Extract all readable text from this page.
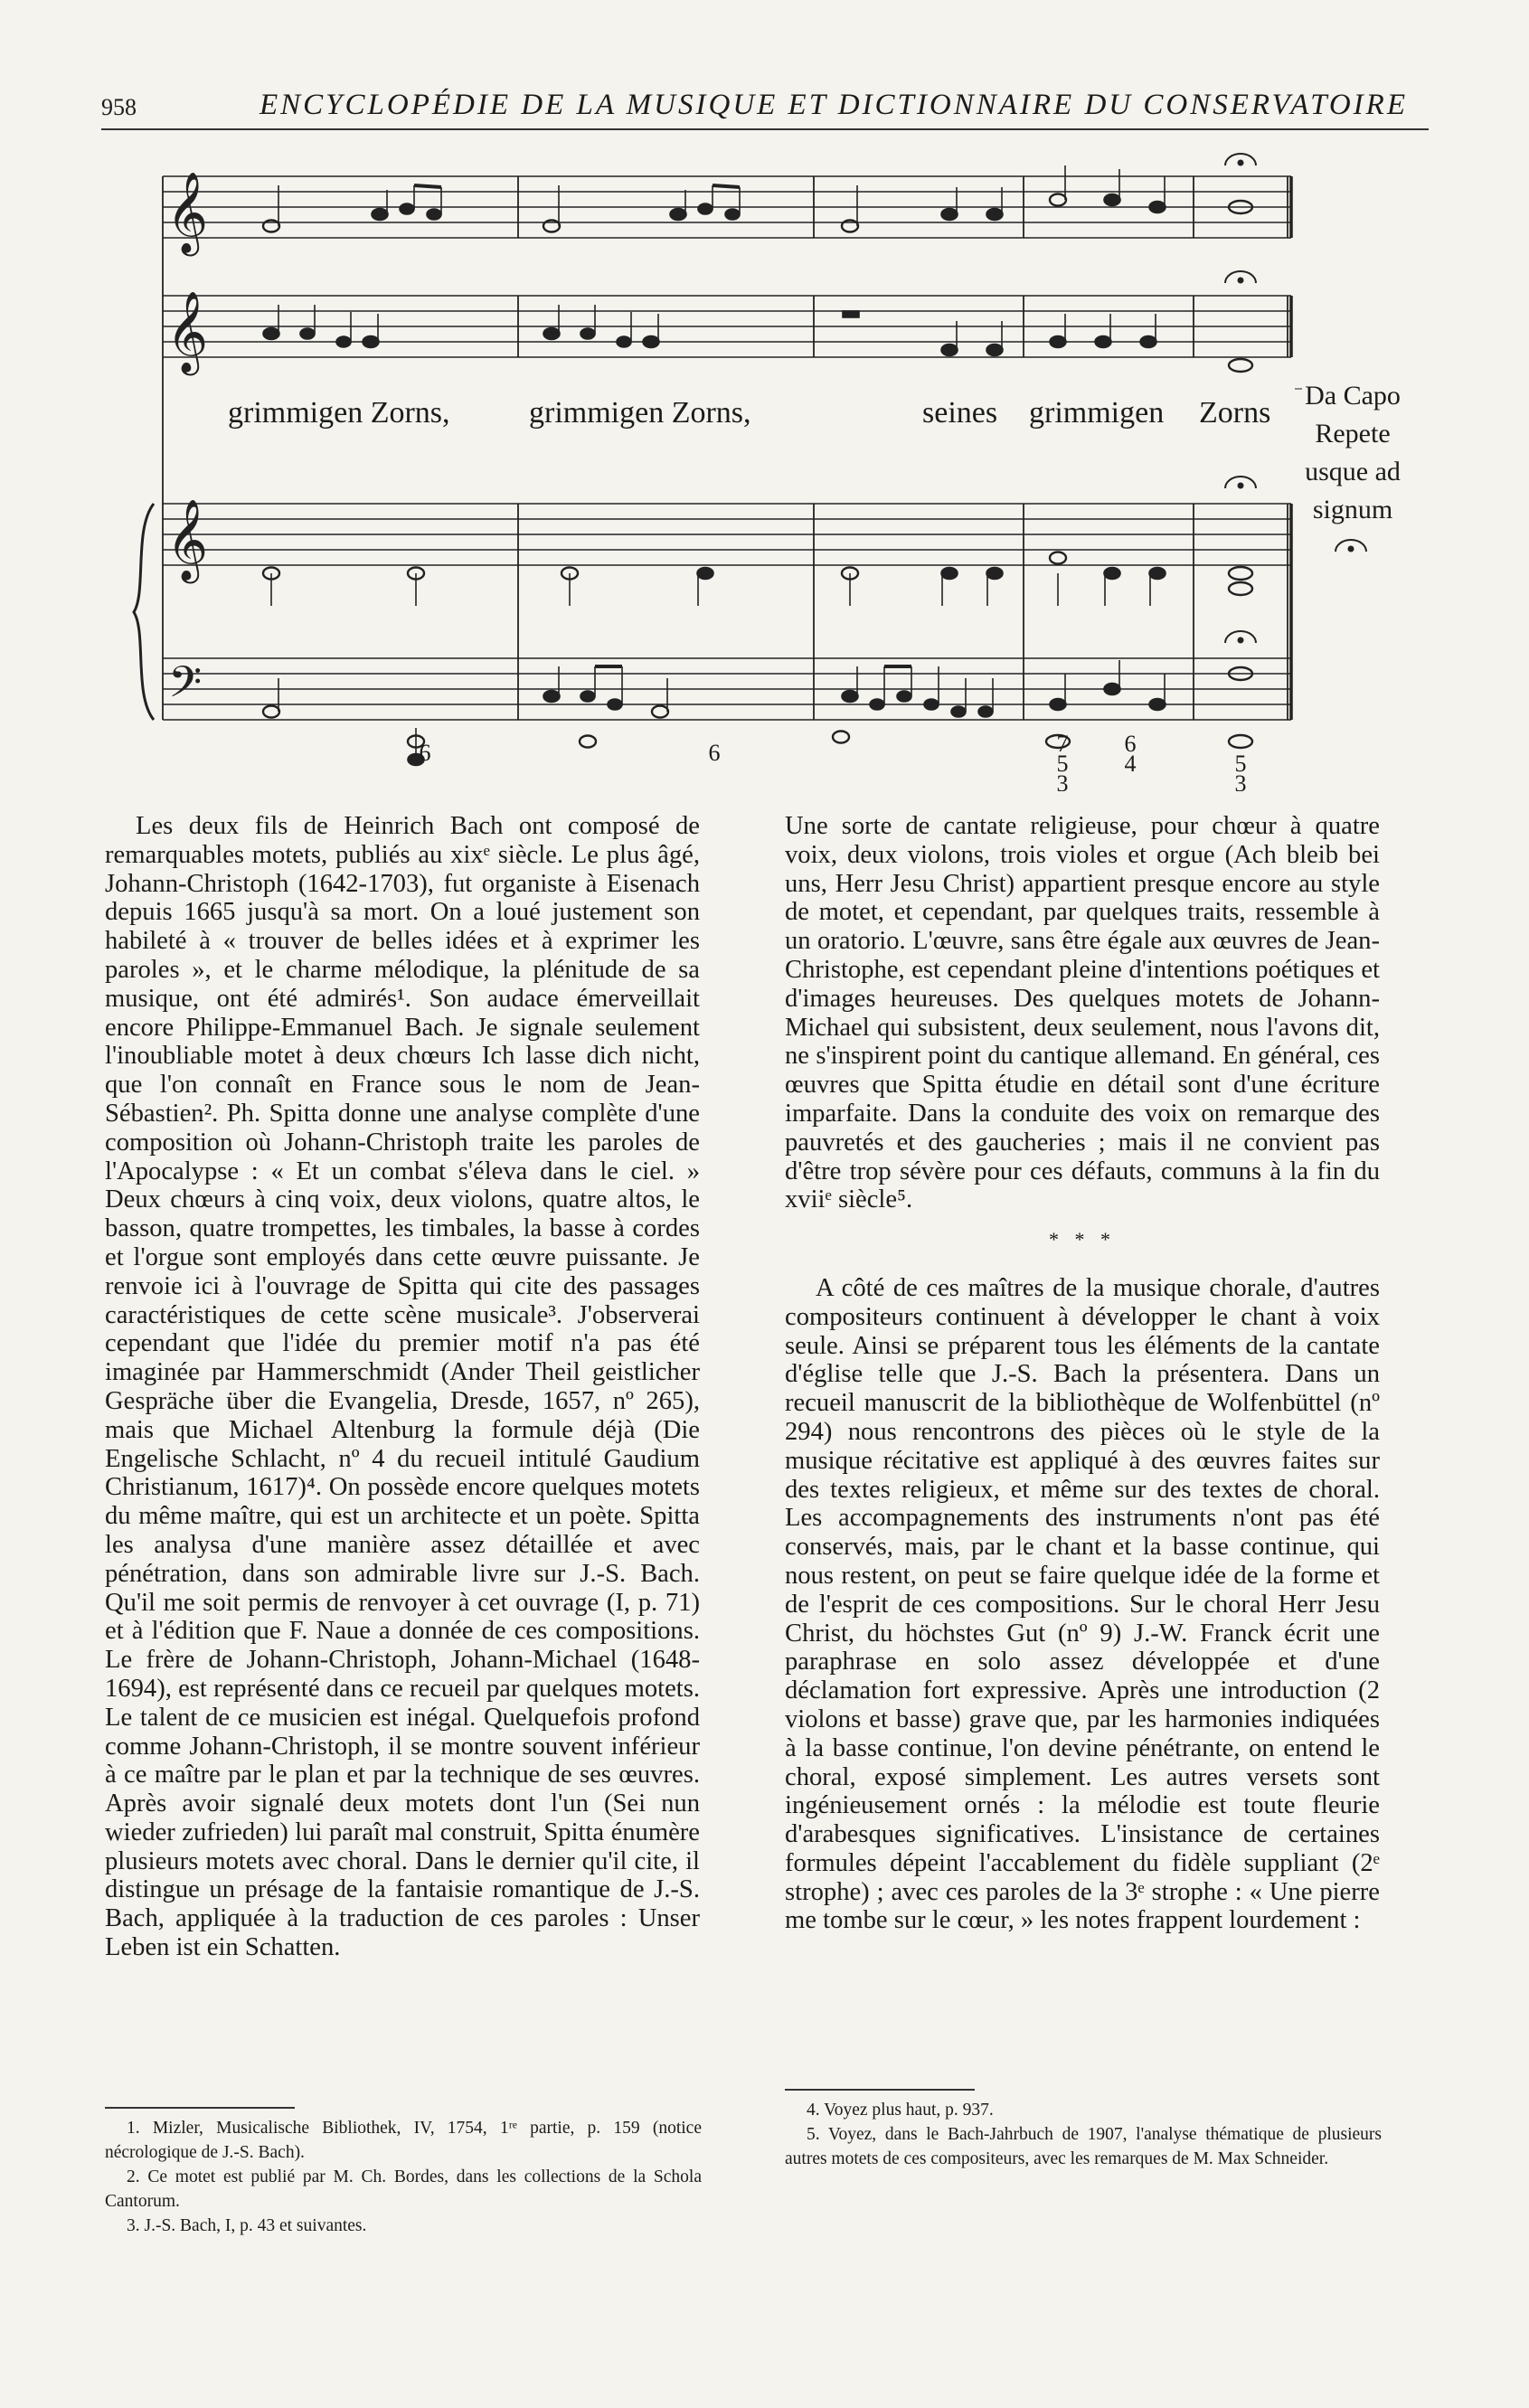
958	ENCYCLOPÉDIE DE LA MUSIQUE ET DICTIONNAIRE DU CONSERVATOIRE
𝄞
𝄞
𝄞
𝄢
grimmigen Zorns,	grimmigen Zorns,	seines grimmigen Zorns
Da Capo
Repete
usque ad
signum
6	6	7
5
3
6
4	5
3

Les deux fils de Heinrich Bach ont composé de remarquables motets, publiés au xixᵉ siècle. Le plus âgé, Johann-Christoph (1642-1703), fut organiste à Eisenach depuis 1665 jusqu'à sa mort. On a loué justement son habileté à « trouver de belles idées et à exprimer les paroles », et le charme mélodique, la plénitude de sa musique, ont été admirés¹. Son audace émerveillait encore Philippe-Emmanuel Bach. Je signale seulement l'inoubliable motet à deux chœurs Ich lasse dich nicht, que l'on connaît en France sous le nom de Jean-Sébastien². Ph. Spitta donne une analyse complète d'une composition où Johann-Christoph traite les paroles de l'Apocalypse : « Et un combat s'éleva dans le ciel. » Deux chœurs à cinq voix, deux violons, quatre altos, le basson, quatre trompettes, les timbales, la basse à cordes et l'orgue sont employés dans cette œuvre puissante. Je renvoie ici à l'ouvrage de Spitta qui cite des passages caractéristiques de cette scène musicale³. J'observerai cependant que l'idée du premier motif n'a pas été imaginée par Hammerschmidt (Ander Theil geistlicher Gespräche über die Evangelia, Dresde, 1657, nº 265), mais que Michael Altenburg la formule déjà (Die Engelische Schlacht, nº 4 du recueil intitulé Gaudium Christianum, 1617)⁴. On possède encore quelques motets du même maître, qui est un architecte et un poète. Spitta les analysa d'une manière assez détaillée et avec pénétration, dans son admirable livre sur J.-S. Bach. Qu'il me soit permis de renvoyer à cet ouvrage (I, p. 71) et à l'édition que F. Naue a donnée de ces compositions. Le frère de Johann-Christoph, Johann-Michael (1648-1694), est représenté dans ce recueil par quelques motets. Le talent de ce musicien est inégal. Quelquefois profond comme Johann-Christoph, il se montre souvent inférieur à ce maître par le plan et par la technique de ses œuvres. Après avoir signalé deux motets dont l'un (Sei nun wieder zufrieden) lui paraît mal construit, Spitta énumère plusieurs motets avec choral. Dans le dernier qu'il cite, il distingue un présage de la fantaisie romantique de J.-S. Bach, appliquée à la traduction de ces paroles : Unser Leben ist ein Schatten.

Une sorte de cantate religieuse, pour chœur à quatre voix, deux violons, trois violes et orgue (Ach bleib bei uns, Herr Jesu Christ) appartient presque encore au style de motet, et cependant, par quelques traits, ressemble à un oratorio. L'œuvre, sans être égale aux œuvres de Jean-Christophe, est cependant pleine d'intentions poétiques et d'images heureuses. Des quelques motets de Johann-Michael qui subsistent, deux seulement, nous l'avons dit, ne s'inspirent point du cantique allemand. En général, ces œuvres que Spitta étudie en détail sont d'une écriture imparfaite. Dans la conduite des voix on remarque des pauvretés et des gaucheries ; mais il ne convient pas d'être trop sévère pour ces défauts, communs à la fin du xviiᵉ siècle⁵.

* * *

A côté de ces maîtres de la musique chorale, d'autres compositeurs continuent à développer le chant à voix seule. Ainsi se préparent tous les éléments de la cantate d'église telle que J.-S. Bach la présentera. Dans un recueil manuscrit de la bibliothèque de Wolfenbüttel (nº 294) nous rencontrons des pièces où le style de la musique récitative est appliqué à des œuvres faites sur des textes religieux, et même sur des textes de choral. Les accompagnements des instruments n'ont pas été conservés, mais, par le chant et la basse continue, qui nous restent, on peut se faire quelque idée de la forme et de l'esprit de ces compositions. Sur le choral Herr Jesu Christ, du höchstes Gut (nº 9) J.-W. Franck écrit une paraphrase en solo assez développée et d'une déclamation fort expressive. Après une introduction (2 violons et basse) grave que, par les harmonies indiquées à la basse continue, l'on devine pénétrante, on entend le choral, exposé simplement. Les autres versets sont ingénieusement ornés : la mélodie est toute fleurie d'arabesques significatives. L'insistance de certaines formules dépeint l'accablement du fidèle suppliant (2ᵉ strophe) ; avec ces paroles de la 3ᵉ strophe : « Une pierre me tombe sur le cœur, » les notes frappent lourdement :

1. Mizler, Musicalische Bibliothek, IV, 1754, 1ʳᵉ partie, p. 159 (notice nécrologique de J.-S. Bach).

2. Ce motet est publié par M. Ch. Bordes, dans les collections de la Schola Cantorum.

3. J.-S. Bach, I, p. 43 et suivantes.

4. Voyez plus haut, p. 937.

5. Voyez, dans le Bach-Jahrbuch de 1907, l'analyse thématique de plusieurs autres motets de ces compositeurs, avec les remarques de M. Max Schneider.
